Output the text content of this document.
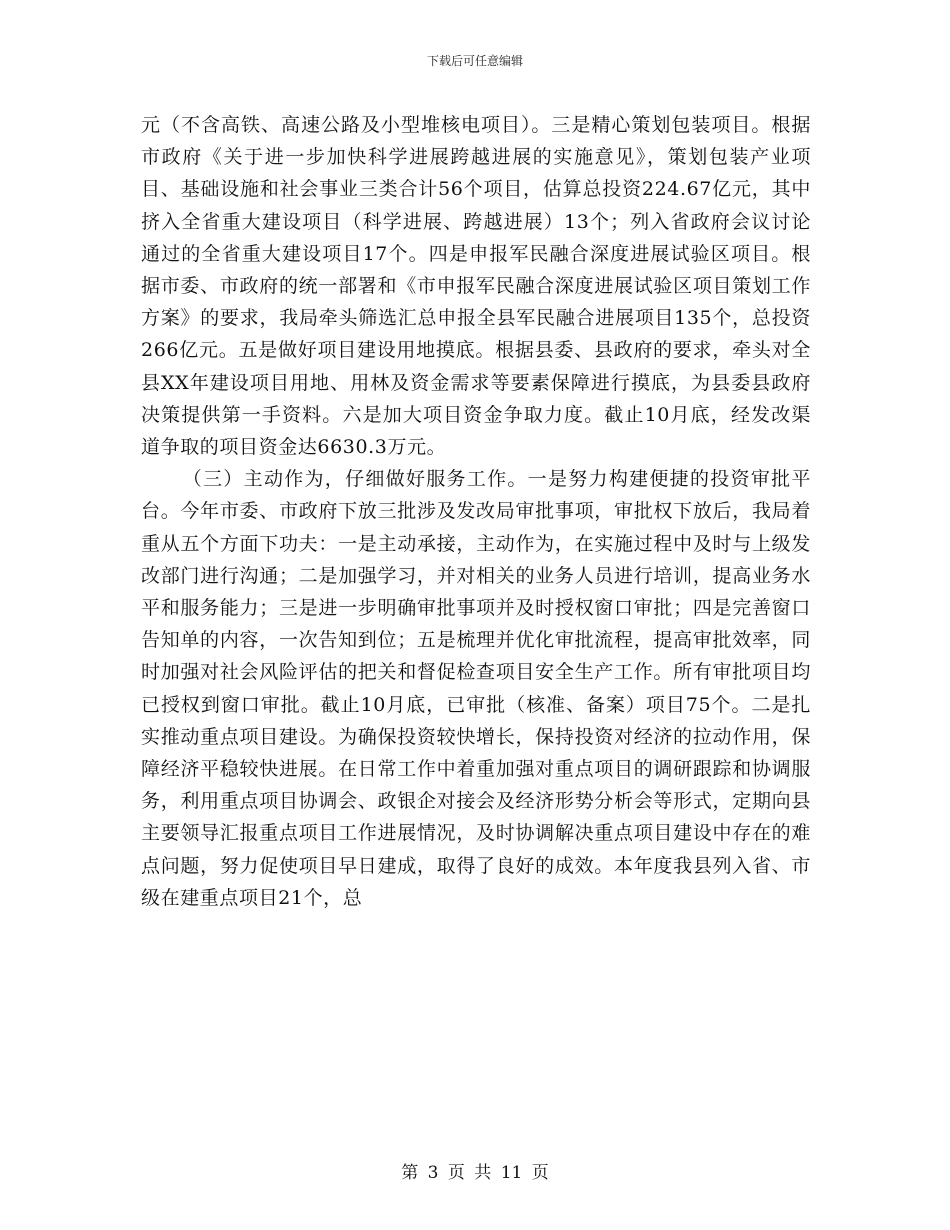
下载后可任意编辑

元（不含高铁、高速公路及小型堆核电项目）。三是精心策划包装项目。根据市政府《关于进一步加快科学进展跨越进展的实施意见》，策划包装产业项目、基础设施和社会事业三类合计56个项目，估算总投资224.67亿元，其中挤入全省重大建设项目（科学进展、跨越进展）13个；列入省政府会议讨论通过的全省重大建设项目17个。四是申报军民融合深度进展试验区项目。根据市委、市政府的统一部署和《市申报军民融合深度进展试验区项目策划工作方案》的要求，我局牵头筛选汇总申报全县军民融合进展项目135个，总投资266亿元。五是做好项目建设用地摸底。根据县委、县政府的要求，牵头对全县XX年建设项目用地、用林及资金需求等要素保障进行摸底，为县委县政府决策提供第一手资料。六是加大项目资金争取力度。截止10月底，经发改渠道争取的项目资金达6630.3万元。

（三）主动作为，仔细做好服务工作。一是努力构建便捷的投资审批平台。今年市委、市政府下放三批涉及发改局审批事项，审批权下放后，我局着重从五个方面下功夫：一是主动承接，主动作为，在实施过程中及时与上级发改部门进行沟通；二是加强学习，并对相关的业务人员进行培训，提高业务水平和服务能力；三是进一步明确审批事项并及时授权窗口审批；四是完善窗口告知单的内容，一次告知到位；五是梳理并优化审批流程，提高审批效率，同时加强对社会风险评估的把关和督促检查项目安全生产工作。所有审批项目均已授权到窗口审批。截止10月底，已审批（核准、备案）项目75个。二是扎实推动重点项目建设。为确保投资较快增长，保持投资对经济的拉动作用，保障经济平稳较快进展。在日常工作中着重加强对重点项目的调研跟踪和协调服务，利用重点项目协调会、政银企对接会及经济形势分析会等形式，定期向县主要领导汇报重点项目工作进展情况，及时协调解决重点项目建设中存在的难点问题，努力促使项目早日建成，取得了良好的成效。本年度我县列入省、市级在建重点项目21个，总

第 3 页 共 11 页
